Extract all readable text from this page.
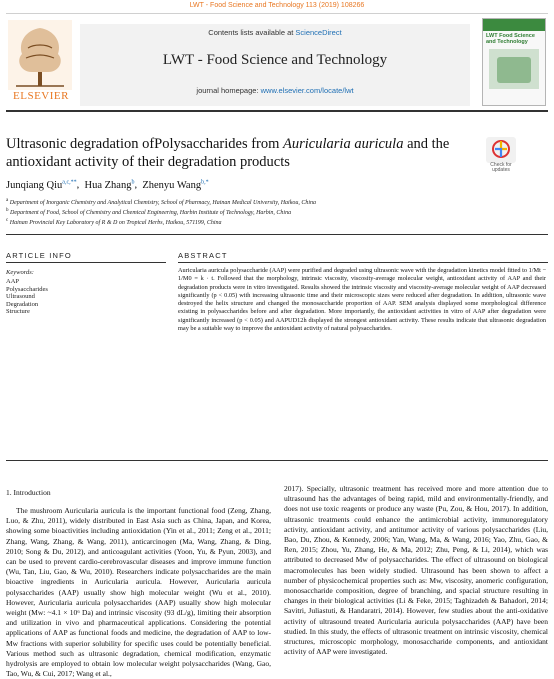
LWT - Food Science and Technology 113 (2019) 108266
ELSEVIER
Contents lists available at ScienceDirect
LWT - Food Science and Technology
journal homepage: www.elsevier.com/locate/lwt
LWT Food Science and Technology
Ultrasonic degradation ofPolysaccharides from Auricularia auricula and the antioxidant activity of their degradation products	Check for updates
Junqiang Qiu$^{a,c,**}$,  Hua Zhang$^b$,  Zhenyu Wang$^{b,*}$
$^a$ Department of Inorganic Chemistry and Analytical Chemistry, School of Pharmacy, Hainan Medical University, Haikou, China
$^b$ Department of Food, School of Chemistry and Chemical Engineering, Harbin Institute of Technology, Harbin, China
$^c$ Hainan Provincial Key Laboratory of R & D on Tropical Herbs, Haikou, 571199, China
ARTICLE INFO	ABSTRACT
Keywords:
AAP
Polysaccharides
Ultrasound
Degradation
Structure
Auricularia auricula polysaccharide (AAP) were purified and degraded using ultrasonic wave with the degradation kinetics model fitted to 1/Mt − 1/M0 = k · t. Followed that the morphology, intrinsic viscosity, viscosity-average molecular weight, antioxidant activity of AAP and their degradation products were in vitro investigated. Results showed the intrinsic viscosity and viscosity-average molecular weight of AAP decreased significantly (p < 0.05) with increasing ultrasonic time and their microscopic sizes were reduced after degradation. In addition, ultrasonic wave destroyed the helix structure and changed the monosaccharide proportion of AAP. SEM analysis displayed some morphological difference existing in polysaccharides before and after degradation. More importantly, the antioxidant activities in vitro of AAP after degradation were significantly increased (p < 0.05) and AAPUD12h displayed the strongest antioxidant activity. These results indicate that ultrasonic degradation may be a suitable way to improve the antioxidant activity of natural polysaccharides.
1. Introduction
The mushroom Auricularia auricula is the important functional food (Zeng, Zhang, Luo, & Zhu, 2011), widely distributed in East Asia such as China, Japan, and Korea, showing some bioactivities including antioxidation (Yin et al., 2011; Zeng et al., 2011; Zhang, Wang, Zhang, & Wang, 2011), anticarcinogen (Ma, Wang, Zhang, & Ding, 2010; Song & Du, 2012), and anticoagulant activities (Yoon, Yu, & Pyun, 2003), and can be used to prevent cardio-cerebrovascular diseases and improve immune function (Wu, Tan, Liu, Gao, & Wu, 2010). Researchers indicate polysaccharides are the main bioactive ingredients in Auricularia auricula. However, Auricularia auricula polysaccharides (AAP) usually show high molecular weight (Wu et al., 2010). However, Auricularia auricula polysaccharides (AAP) usually show high molecular weight (Mw: ~4.1 × 10⁶ Da) and intrinsic viscosity (93 dL/g), limiting their absorption and utilization in vivo and pharmaceutical applications. Considering the potential applications of AAP as functional foods and medicine, the degradation of AAP to low-Mw fractions with superior solubility for specific uses could be potentially beneficial. Various method such as ultrasonic degradation, chemical modification, enzymatic hydrolysis are employed to obtain low molecular weight polysaccharides (Wang, Gao, Tao, Wu, & Cui, 2017; Wang et al.,
2017). Specially, ultrasonic treatment has received more and more attention due to ultrasound has the advantages of being rapid, mild and environmentally-friendly, and does not use toxic reagents or produce any waste (Pu, Zou, & Hou, 2017). In addition, ultrasonic treatments could enhance the antimicrobial activity, immunoregulatory activity, antioxidant activity, and antitumor activity of various polysaccharides (Liu, Bao, Du, Zhou, & Kennedy, 2006; Yan, Wang, Ma, & Wang, 2016; Yao, Zhu, Gao, & Ren, 2015; Zhou, Yu, Zhang, He, & Ma, 2012; Zhu, Peng, & Li, 2014), which was attributed to decreased Mw of polysaccharides. The effect of ultrasound on biological macromolecules has been widely studied. Ultrasound has been shown to affect a number of physicochemical properties such as: Mw, viscosity, anomeric configuration, monosaccharide composition, degree of branching, and spacial structure resulting in changes in their biological activities (Li & Feke, 2015; Taghizadeh & Bahadori, 2014; Savitri, Juliastuti, & Handaratri, 2014). However, few studies about the anti-oxidative activity of ultrasound treated Auricularia auricula polysaccharides (AAP) have been studied. In this study, the effects of ultrasonic treatment on intrinsic viscosity, chemical structures, microscopic morphology, monosaccharide components, and antioxidant activity of AAP were investigated.
